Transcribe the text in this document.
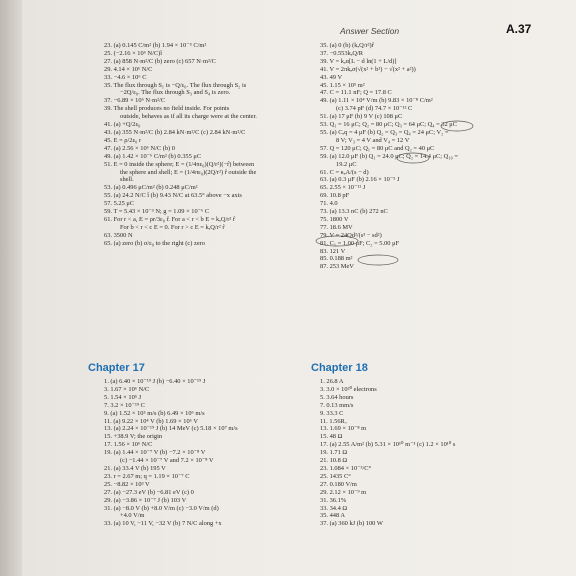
Answer Section	A.37
23. (a) 0.145 C/m² (b) 1.94 × 10⁻⁵ C/m²
25. (−2.16 × 10⁶ N/C)î
27. (a) 858 N·m²/C (b) zero (c) 657 N·m²/C
29. 4.14 × 10⁶ N/C
33. −4.6 × 10⁶ C
35. The flux through S₁ is −Q/ε₀. The flux through S₂ is
−2Q/ε₀. The flux through S₃ and S₄ is zero.
37. −6.89 × 10⁶ N·m²/C
39. The shell produces no field inside. For points
outside, behaves as if all its charge were at the center.
41. (a) +Q/2ε₀
43. (a) 355 N·m²/C (b) 2.84 kN·m²/C (c) 2.84 kN·m²/C
45. E = ρ/2ε₀ r
47. (a) 2.56 × 10⁶ N/C (b) 0
49. (a) 1.42 × 10⁻⁶ C/m² (b) 0.355 μC
51. E = 0 inside the sphere; E = (1/4πε₀)(Q/r²)(−r̂) between
the sphere and shell; E = (1/4πε₀)(2Q/r²) r̂ outside the
shell.
53. (a) 0.496 μC/m² (b) 0.248 μC/m²
55. (a) 24.2 N/C î (b) 9.43 N/C at 63.5° above −x axis
57. 5.25 μC
59. T = 5.43 × 10⁻³ N; g = 1.09 × 10⁻⁶ C
61. For r < a, E = ρr/3ε₀ r̂. For a < r < b E = kₑQ/r² r̂
For b < r < c E = 0. For r > c E = kₑQ/r² r̂
63. 3500 N
65. (a) zero (b) σ/ε₀ to the right (c) zero
35. (a) 0 (b) (kₑQ/r²)r̂
37. −0.553kₑQ/R
39. V = kₑα[L − d ln(1 + L/d)]
41. V = 2πkₑσ(√(x² + b²) − √(x² + a²))
43. 49 V
45. 1.15 × 10⁵ m²
47. C = 11.1 nF; Q = 17.8 C
49. (a) 1.11 × 10⁴ V/m (b) 9.83 × 10⁻⁸ C/m²
(c) 3.74 pF (d) 74.7 × 10⁻¹² C
51. (a) 17 μF (b) 9 V (c) 108 μC
53. Q₁ = 16 μC; Q₂ = 80 μC; Q₃ = 64 μC; Q₄ = 32 μC
55. (a) Cₑq = 4 μF (b) Q₂ = Q₃ = Q₄ = 24 μC; V₂ =
8 V; V₃ = 4 V and V₄ = 12 V
57. Q = 120 μC; Q₁ = 80 μC and Q₂ = 40 μC
59. (a) 12.0 μF (b) Q₁ = 24.0 μC; Q₂ = 14.4 μC; Q₁₀ =
19.2 μC
61. C = κₑA/(s − d)
63. (a) 0.3 μF (b) 2.16 × 10⁻⁵ J
65. 2.55 × 10⁻¹¹ J
69. 10.8 pF
71. 4.0
73. (a) 13.3 nC (b) 272 nC
75. 1800 V
77. 18.6 MV
79. V = 24Qd²/(s³ − sd²)
81. C₁ = 1.00 μF; C₂ = 5.00 μF
83. 121 V
85. 0.188 m²
87. 253 MeV
Chapter 17	Chapter 18
1. (a) 6.40 × 10⁻¹⁹ J (b) −6.40 × 10⁻¹⁹ J
3. 1.67 × 10⁶ N/C
5. 1.54 × 10⁵ J
7. 3.2 × 10⁻¹⁹ C
9. (a) 1.52 × 10⁵ m/s (b) 6.49 × 10⁶ m/s
11. (a) 9.22 × 10⁴ V (b) 1.69 × 10⁶ V
13. (a) 2.24 × 10⁻¹⁹ J (b) 14 MeV (c) 5.18 × 10⁷ m/s
15. +38.9 V; the origin
17. 1.56 × 10⁶ N/C
19. (a) 1.44 × 10⁻⁷ V (b) −7.2 × 10⁻⁸ V
(c) −1.44 × 10⁻⁷ V and 7.2 × 10⁻⁸ V
21. (a) 33.4 V (b) 195 V
23. r = 2.67 m; q = 1.19 × 10⁻⁷ C
25. −8.82 × 10³ V
27. (a) −27.3 eV (b) −6.81 eV (c) 0
29. (a) −3.86 × 10⁻⁷ J (b) 103 V
31. (a) −8.0 V (b) +8.0 V/m (c) −3.0 V/m (d)
+4.0 V/m
33. (a) 10 V, −11 V, −32 V (b) 7 N/C along +x
1. 26.8 A
3. 3.0 × 10²⁰ electrons
5. 3.64 hours
7. 0.13 mm/s
9. 33.3 C
11. 1.56Rₒ
13. 1.69 × 10⁻⁸ m
15. 48 Ω
17. (a) 2.55 A/m² (b) 5.31 × 10¹⁰ m⁻³ (c) 1.2 × 10¹⁰ s
19. 1.71 Ω
21. 10.8 Ω
23. 1.084 × 10⁻³/C°
25. 1435 C°
27. 0.180 V/m
29. 2.12 × 10⁻⁹ m
31. 36.1%
33. 34.4 Ω
35. 448 A
37. (a) 360 kJ (b) 100 W
